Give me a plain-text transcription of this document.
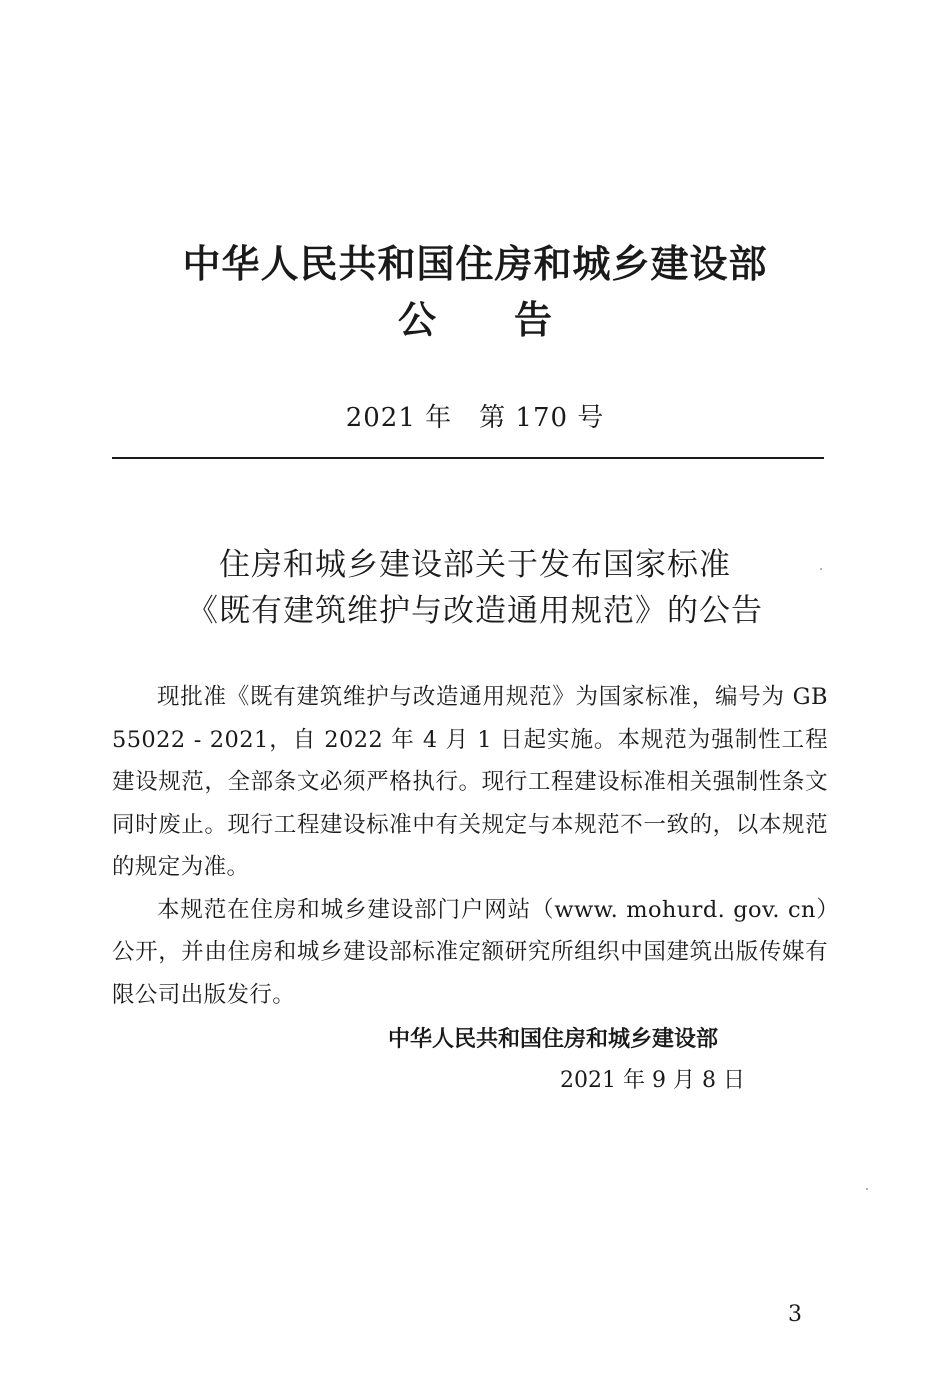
中华人民共和国住房和城乡建设部
公告
2021 年　第 170 号
住房和城乡建设部关于发布国家标准
《既有建筑维护与改造通用规范》的公告

现批准《既有建筑维护与改造通用规范》为国家标准，编号为 GB 55022 - 2021，自 2022 年 4 月 1 日起实施。本规范为强制性工程建设规范，全部条文必须严格执行。现行工程建设标准相关强制性条文同时废止。现行工程建设标准中有关规定与本规范不一致的，以本规范的规定为准。

本规范在住房和城乡建设部门户网站（www. mohurd. gov. cn）公开，并由住房和城乡建设部标准定额研究所组织中国建筑出版传媒有限公司出版发行。

中华人民共和国住房和城乡建设部
2021 年 9 月 8 日
3
